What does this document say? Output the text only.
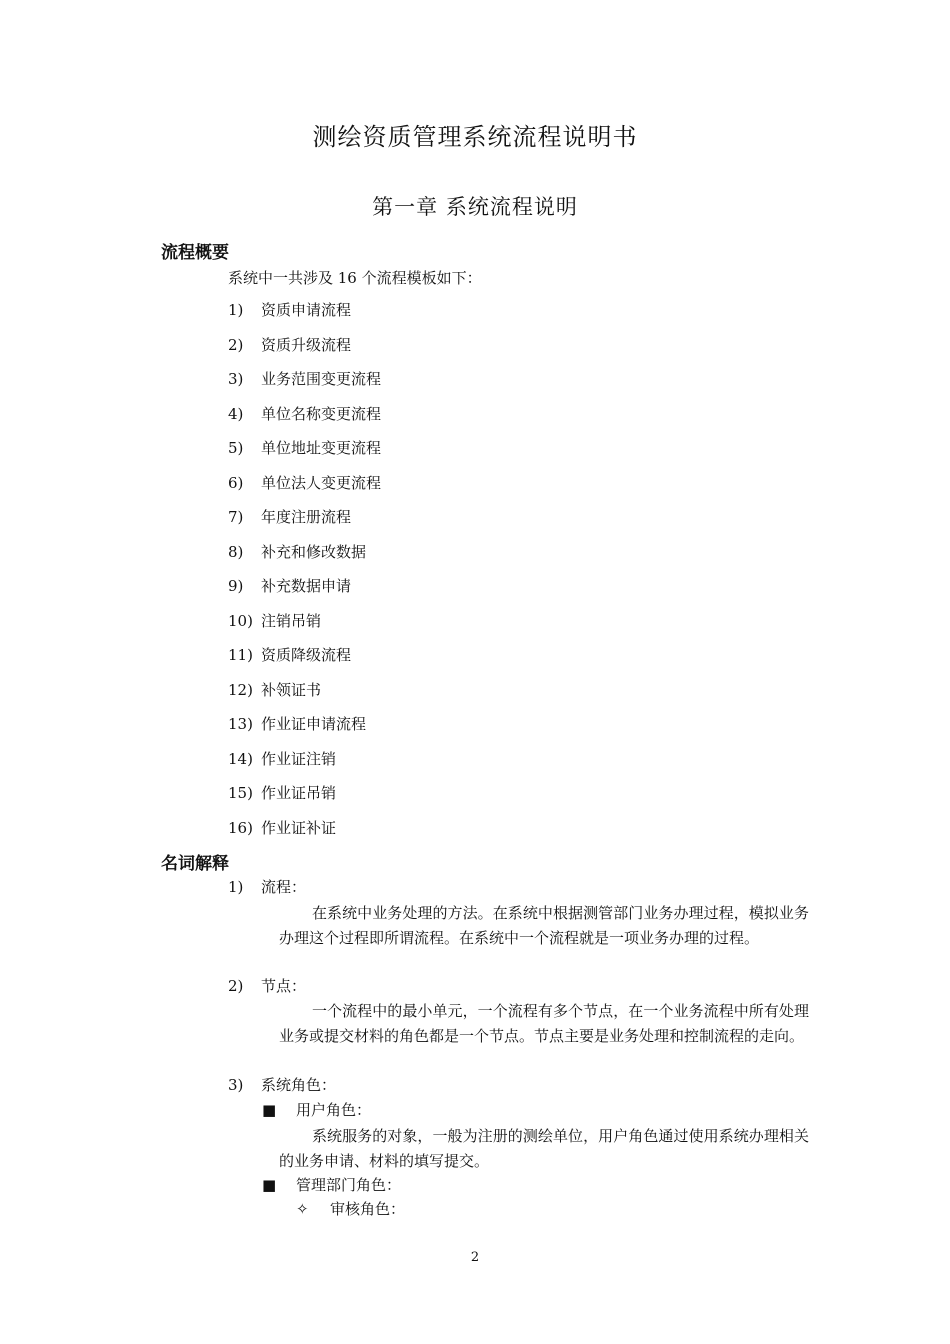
测绘资质管理系统流程说明书
第一章 系统流程说明
流程概要
系统中一共涉及 16 个流程模板如下：
1) 资质申请流程
2) 资质升级流程
3) 业务范围变更流程
4) 单位名称变更流程
5) 单位地址变更流程
6) 单位法人变更流程
7) 年度注册流程
8) 补充和修改数据
9) 补充数据申请
10) 注销吊销
11) 资质降级流程
12) 补领证书
13) 作业证申请流程
14) 作业证注销
15) 作业证吊销
16) 作业证补证
名词解释
1) 流程：
在系统中业务处理的方法。在系统中根据测管部门业务办理过程，模拟业务办理这个过程即所谓流程。在系统中一个流程就是一项业务办理的过程。
2) 节点：
一个流程中的最小单元，一个流程有多个节点，在一个业务流程中所有处理业务或提交材料的角色都是一个节点。节点主要是业务处理和控制流程的走向。
3) 系统角色：
■ 用户角色：
系统服务的对象，一般为注册的测绘单位，用户角色通过使用系统办理相关的业务申请、材料的填写提交。
■ 管理部门角色：
✧ 审核角色：
2
